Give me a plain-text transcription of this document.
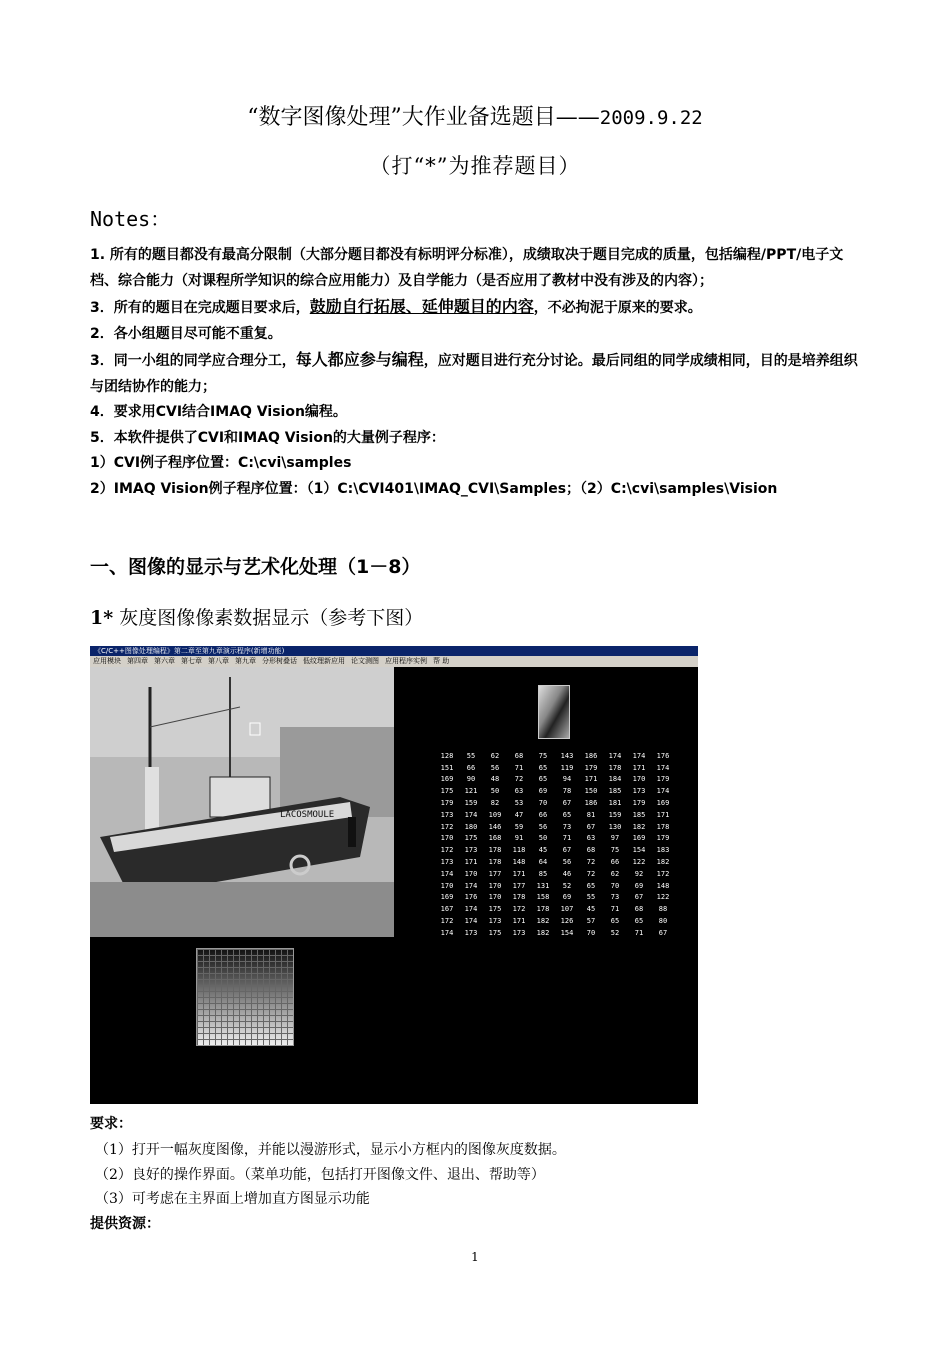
“数字图像处理”大作业备选题目——2009.9.22
（打“*”为推荐题目）
Notes：

1. 所有的题目都没有最高分限制（大部分题目都没有标明评分标准），成绩取决于题目完成的质量，包括编程/PPT/电子文档、综合能力（对课程所学知识的综合应用能力）及自学能力（是否应用了教材中没有涉及的内容）；

3．所有的题目在完成题目要求后，鼓励自行拓展、延伸题目的内容，不必拘泥于原来的要求。

2．各小组题目尽可能不重复。

3．同一小组的同学应合理分工，每人都应参与编程，应对题目进行充分讨论。最后同组的同学成绩相同，目的是培养组织与团结协作的能力；

4．要求用CVI结合IMAQ Vision编程。

5．本软件提供了CVI和IMAQ Vision的大量例子程序：

1）CVI例子程序位置：C:\cvi\samples

2）IMAQ Vision例子程序位置：（1）C:\CVI401\IMAQ_CVI\Samples；（2）C:\cvi\samples\Vision

一、图像的显示与艺术化处理（1－8）
1* 灰度图像像素数据显示（参考下图）
《C/C++图像处理编程》第二章至第九章演示程序(新增功能)
应用模块 第四章 第六章 第七章 第八章 第九章 分形树叠话 低纹理新应用 论文测图 应用程序实例 帮 助
LACOSMOULE
128	55	62	68	75	143	186	174	174	176
151	66	56	71	65	119	179	178	171	174
169	90	48	72	65	94	171	184	170	179
175	121	50	63	69	78	150	185	173	174
179	159	82	53	70	67	186	181	179	169
173	174	109	47	66	65	81	159	185	171
172	180	146	59	56	73	67	130	182	178
170	175	168	91	50	71	63	97	169	179
172	173	178	118	45	67	68	75	154	183
173	171	178	148	64	56	72	66	122	182
174	170	177	171	85	46	72	62	92	172
170	174	170	177	131	52	65	70	69	148
169	176	170	178	158	69	55	73	67	122
167	174	175	172	178	107	45	71	68	88
172	174	173	171	182	126	57	65	65	80
174	173	175	173	182	154	70	52	71	67
要求：

（1）打开一幅灰度图像，并能以漫游形式，显示小方框内的图像灰度数据。

（2）良好的操作界面。（菜单功能，包括打开图像文件、退出、帮助等）

（3）可考虑在主界面上增加直方图显示功能

提供资源：
1
